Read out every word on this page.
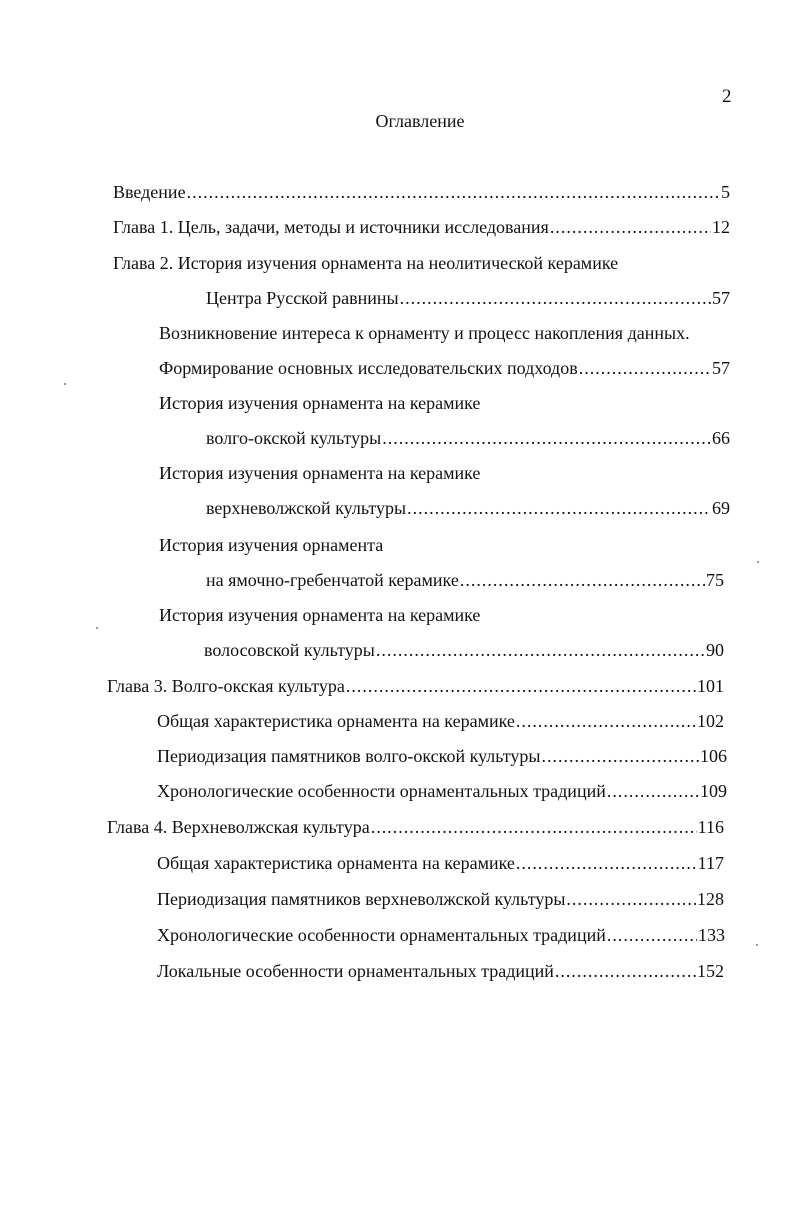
2
Оглавление
Введение .....	5
Глава 1. Цель, задачи, методы и источники исследования .....	12
Глава 2. История изучения орнамента на неолитической керамике
Центра Русской равнины .....	57
Возникновение интереса к орнаменту и процесс накопления данных.
Формирование основных исследовательских подходов .....	57
История изучения орнамента на керамике
волго-окской культуры .....	66
История изучения орнамента на керамике
верхневолжской культуры .....	69
История изучения орнамента
на ямочно-гребенчатой керамике .....	75
История изучения орнамента на керамике
волосовской культуры .....	90
Глава 3. Волго-окская культура .....	101
Общая характеристика орнамента на керамике .....	102
Периодизация памятников волго-окской культуры .....	106
Хронологические особенности орнаментальных традиций .....	109
Глава 4. Верхневолжская культура .....	116
Общая характеристика орнамента на керамике .....	117
Периодизация памятников верхневолжской культуры .....	128
Хронологические особенности орнаментальных традиций .....	133
Локальные особенности орнаментальных традиций .....	152
